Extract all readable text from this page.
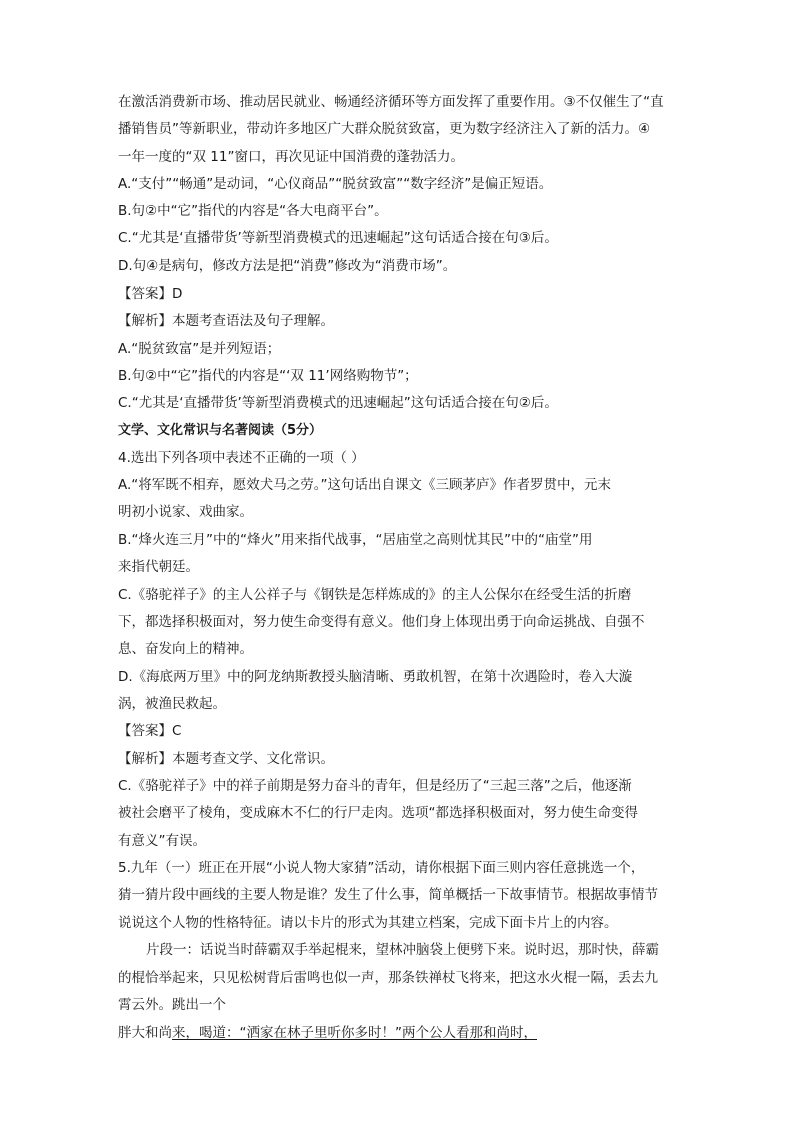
在激活消费新市场、推动居民就业、畅通经济循环等方面发挥了重要作用。③不仅催生了“直
播销售员”等新职业，带动许多地区广大群众脱贫致富，更为数字经济注入了新的活力。④
一年一度的“双 11”窗口，再次见证中国消费的蓬勃活力。
A.“支付”“畅通”是动词，“心仪商品”“脱贫致富”“数字经济”是偏正短语。
B.句②中“它”指代的内容是“各大电商平台”。
C.“尤其是‘直播带货’等新型消费模式的迅速崛起”这句话适合接在句③后。
D.句④是病句，修改方法是把“消费”修改为“消费市场”。
【答案】D
【解析】本题考查语法及句子理解。
A.“脱贫致富”是并列短语；
B.句②中“它”指代的内容是“‘双 11’网络购物节”；
C.“尤其是‘直播带货’等新型消费模式的迅速崛起”这句话适合接在句②后。
文学、文化常识与名著阅读（5分）
4.选出下列各项中表述不正确的一项（ ）
A.“将军既不相弃，愿效犬马之劳。”这句话出自课文《三顾茅庐》作者罗贯中，元末
明初小说家、戏曲家。
B.“烽火连三月”中的“烽火”用来指代战事，“居庙堂之高则忧其民”中的“庙堂”用
来指代朝廷。
C.《骆驼祥子》的主人公祥子与《钢铁是怎样炼成的》的主人公保尔在经受生活的折磨
下，都选择积极面对，努力使生命变得有意义。他们身上体现出勇于向命运挑战、自强不
息、奋发向上的精神。
D.《海底两万里》中的阿龙纳斯教授头脑清晰、勇敢机智，在第十次遇险时，卷入大漩
涡，被渔民救起。
【答案】C
【解析】本题考查文学、文化常识。
C.《骆驼祥子》中的祥子前期是努力奋斗的青年，但是经历了“三起三落”之后，他逐渐
被社会磨平了棱角，变成麻木不仁的行尸走肉。选项“都选择积极面对，努力使生命变得
有意义”有误。
5.九年（一）班正在开展“小说人物大家猜”活动，请你根据下面三则内容任意挑选一个，
猜一猜片段中画线的主要人物是谁？发生了什么事，简单概括一下故事情节。根据故事情节
说说这个人物的性格特征。请以卡片的形式为其建立档案，完成下面卡片上的内容。
片段一：话说当时薛霸双手举起棍来，望林冲脑袋上便劈下来。说时迟，那时快，薛霸
的棍恰举起来，只见松树背后雷鸣也似一声，那条铁禅杖飞将来，把这水火棍一隔，丢去九
霄云外。跳出一个
胖大和尚来，喝道：“洒家在林子里听你多时！”两个公人看那和尚时，
